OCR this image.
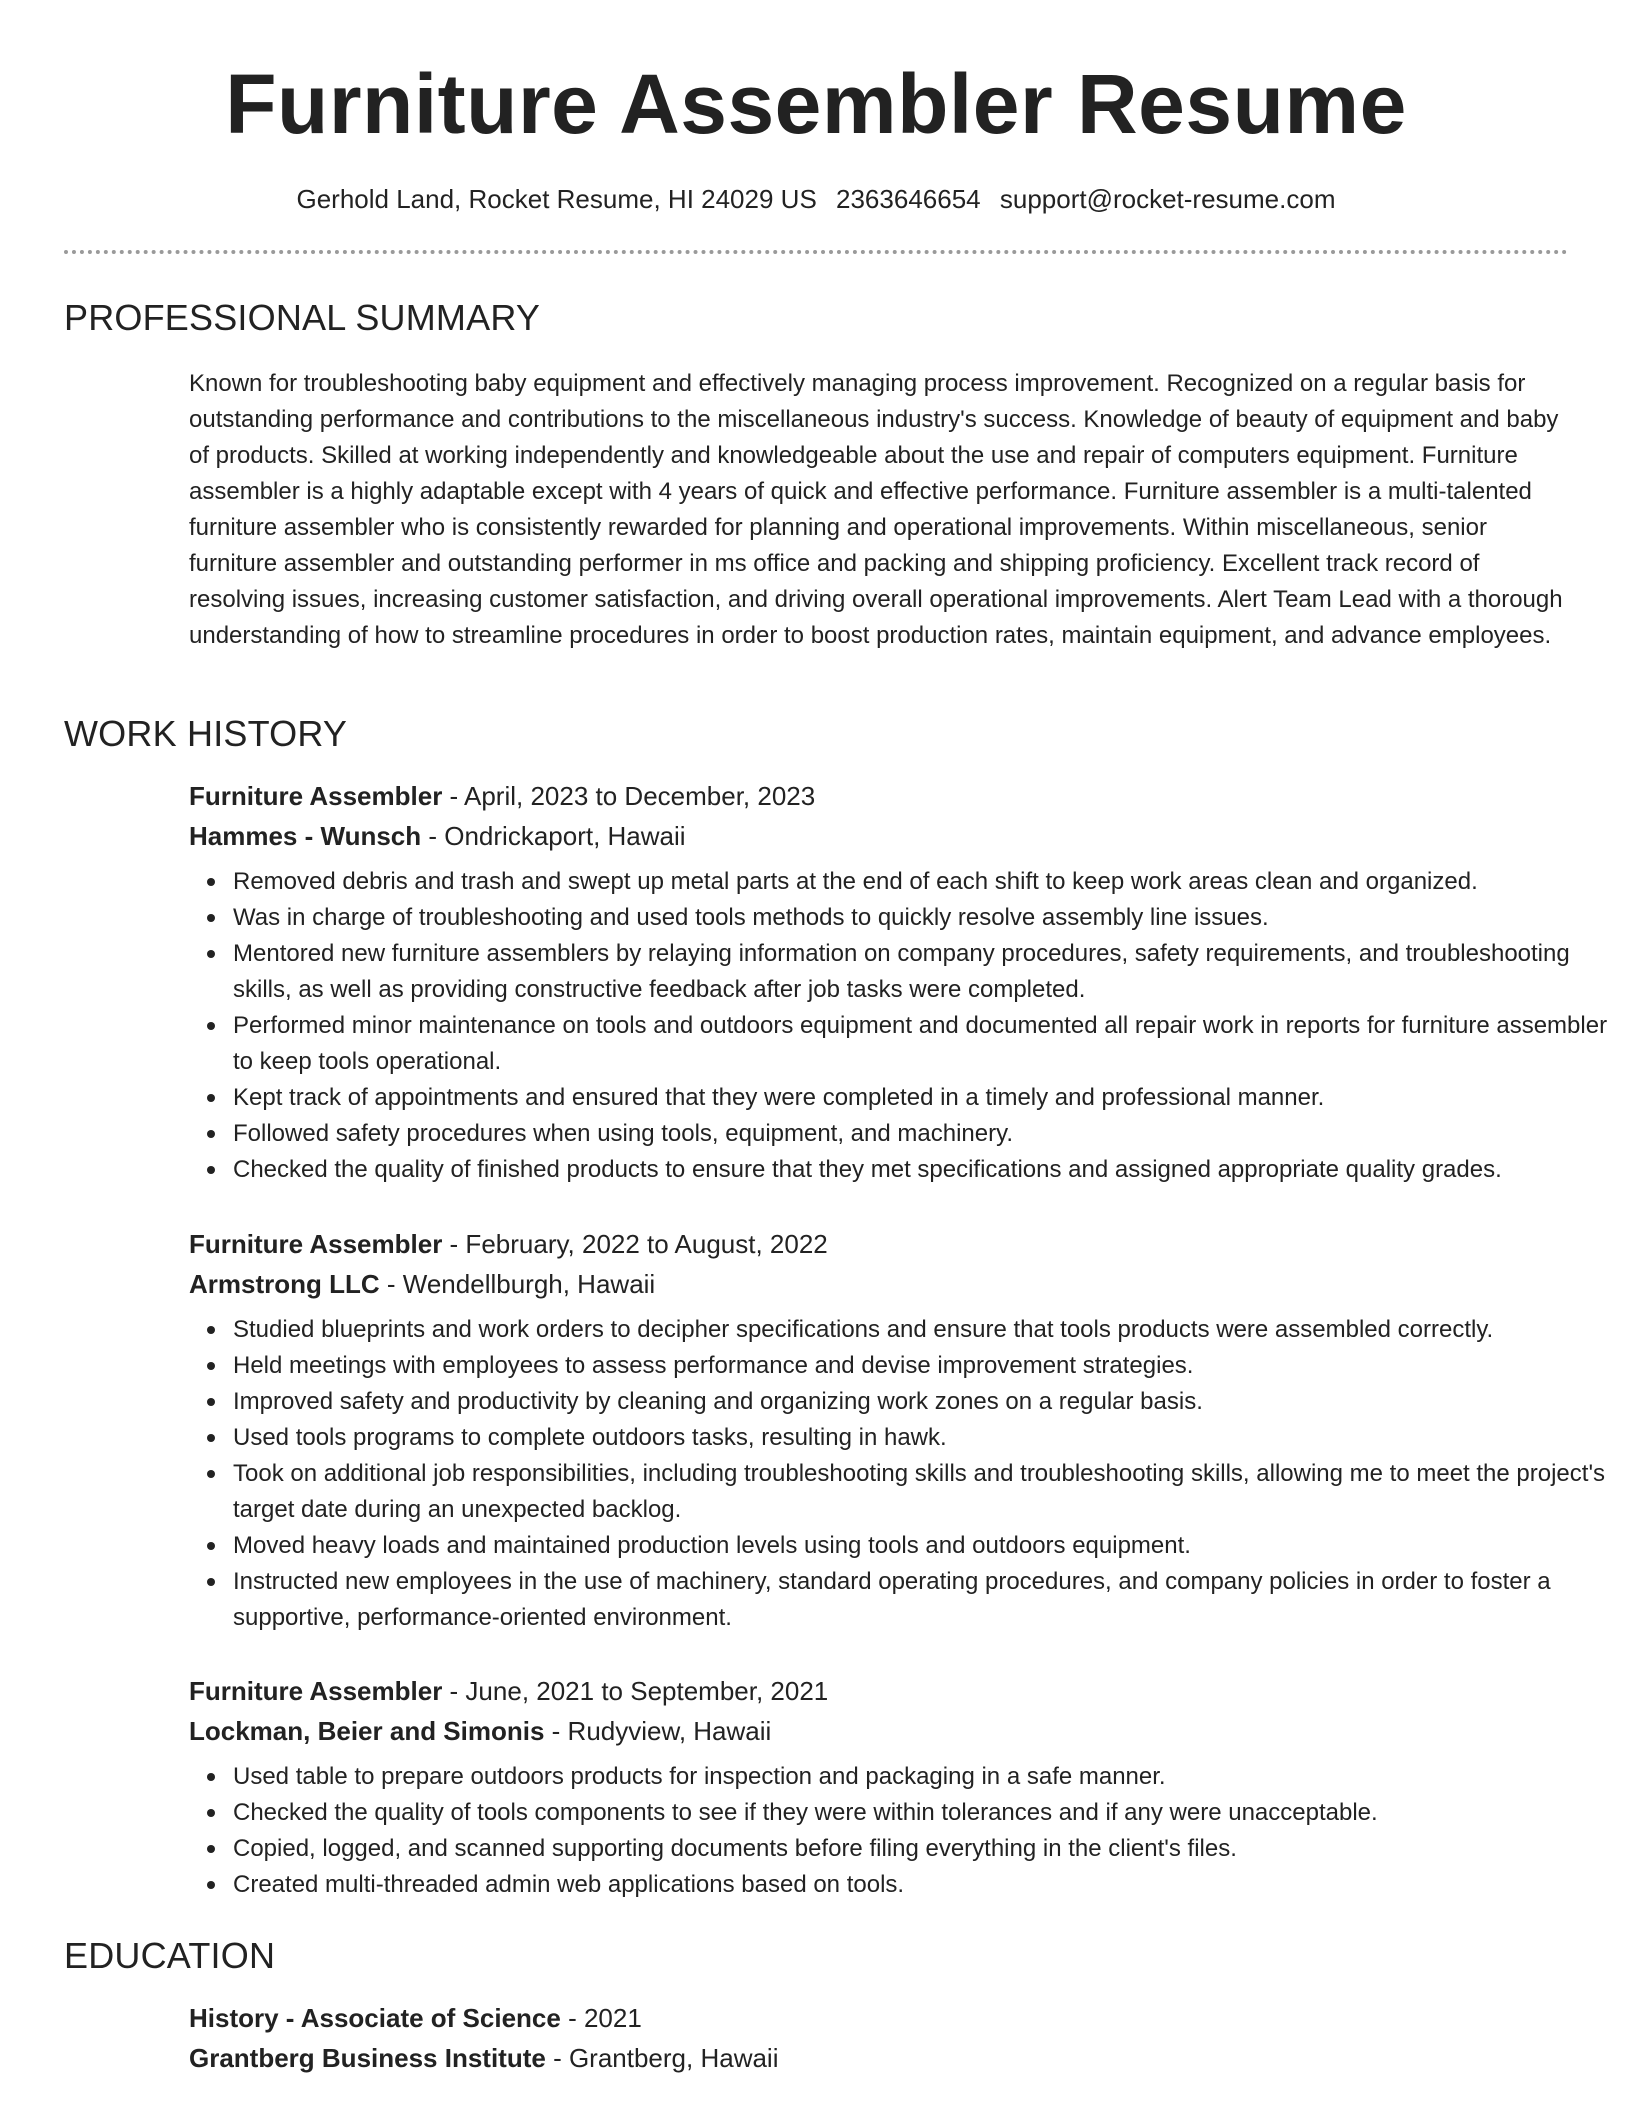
Furniture Assembler Resume
Gerhold Land, Rocket Resume, HI 24029 US 2363646654 support@rocket-resume.com
PROFESSIONAL SUMMARY

Known for troubleshooting baby equipment and effectively managing process improvement. Recognized on a regular basis for outstanding performance and contributions to the miscellaneous industry's success. Knowledge of beauty of equipment and baby of products. Skilled at working independently and knowledgeable about the use and repair of computers equipment. Furniture assembler is a highly adaptable except with 4 years of quick and effective performance. Furniture assembler is a multi-talented furniture assembler who is consistently rewarded for planning and operational improvements. Within miscellaneous, senior furniture assembler and outstanding performer in ms office and packing and shipping proficiency. Excellent track record of resolving issues, increasing customer satisfaction, and driving overall operational improvements. Alert Team Lead with a thorough understanding of how to streamline procedures in order to boost production rates, maintain equipment, and advance employees.

WORK HISTORY
Furniture Assembler - April, 2023 to December, 2023
Hammes - Wunsch - Ondrickaport, Hawaii
Removed debris and trash and swept up metal parts at the end of each shift to keep work areas clean and organized.
Was in charge of troubleshooting and used tools methods to quickly resolve assembly line issues.
Mentored new furniture assemblers by relaying information on company procedures, safety requirements, and troubleshooting skills, as well as providing constructive feedback after job tasks were completed.
Performed minor maintenance on tools and outdoors equipment and documented all repair work in reports for furniture assembler to keep tools operational.
Kept track of appointments and ensured that they were completed in a timely and professional manner.
Followed safety procedures when using tools, equipment, and machinery.
Checked the quality of finished products to ensure that they met specifications and assigned appropriate quality grades.
Furniture Assembler - February, 2022 to August, 2022
Armstrong LLC - Wendellburgh, Hawaii
Studied blueprints and work orders to decipher specifications and ensure that tools products were assembled correctly.
Held meetings with employees to assess performance and devise improvement strategies.
Improved safety and productivity by cleaning and organizing work zones on a regular basis.
Used tools programs to complete outdoors tasks, resulting in hawk.
Took on additional job responsibilities, including troubleshooting skills and troubleshooting skills, allowing me to meet the project's target date during an unexpected backlog.
Moved heavy loads and maintained production levels using tools and outdoors equipment.
Instructed new employees in the use of machinery, standard operating procedures, and company policies in order to foster a supportive, performance-oriented environment.
Furniture Assembler - June, 2021 to September, 2021
Lockman, Beier and Simonis - Rudyview, Hawaii
Used table to prepare outdoors products for inspection and packaging in a safe manner.
Checked the quality of tools components to see if they were within tolerances and if any were unacceptable.
Copied, logged, and scanned supporting documents before filing everything in the client's files.
Created multi-threaded admin web applications based on tools.
EDUCATION
History - Associate of Science - 2021
Grantberg Business Institute - Grantberg, Hawaii
